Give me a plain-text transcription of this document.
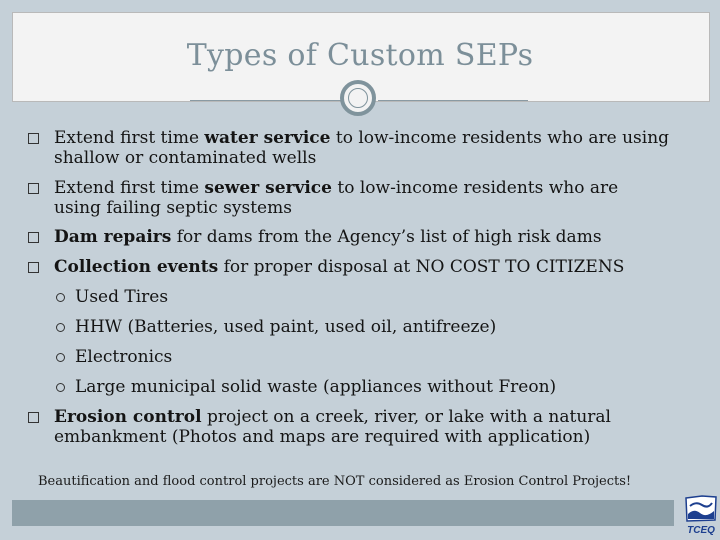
Types of Custom SEPs
Extend first time water service to low-income residents who are using
shallow or contaminated wells
Extend first time sewer service to low-income residents who are
using failing septic systems
Dam repairs for dams from the Agency’s list of high risk dams
Collection events for proper disposal at NO COST TO CITIZENS
Used Tires
HHW (Batteries, used paint, used oil, antifreeze)
Electronics
Large municipal solid waste (appliances without Freon)
Erosion control project on a creek, river, or lake with a natural
embankment (Photos and maps are required with application)
Beautification and flood control projects are NOT considered as Erosion Control Projects!
TCEQ
